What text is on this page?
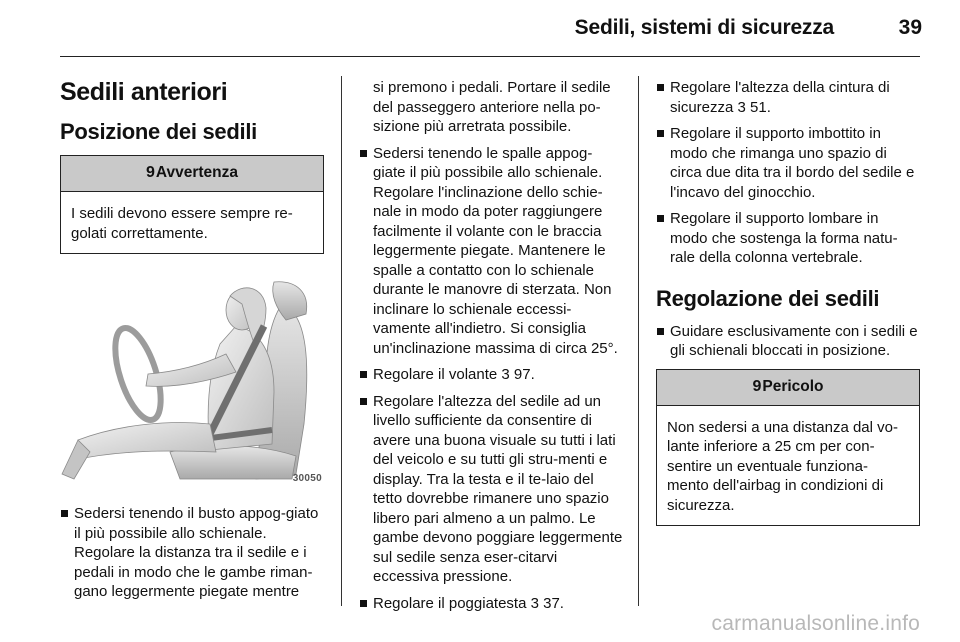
Sedili, sistemi di sicurezza	39
Sedili anteriori
Posizione dei sedili
9Avvertenza
I sedili devono essere sempre re-golati correttamente.
30050
Sedersi tenendo il busto appog-giato il più possibile allo schienale. Regolare la distanza tra il sedile e i pedali in modo che le gambe riman-gano leggermente piegate mentre
si premono i pedali. Portare il sedile del passeggero anteriore nella po-sizione più arretrata possibile.
Sedersi tenendo le spalle appog-giate il più possibile allo schienale. Regolare l'inclinazione dello schie-nale in modo da poter raggiungere facilmente il volante con le braccia leggermente piegate. Mantenere le spalle a contatto con lo schienale durante le manovre di sterzata. Non inclinare lo schienale eccessi-vamente all'indietro. Si consiglia un'inclinazione massima di circa 25°.
Regolare il volante 3 97.
Regolare l'altezza del sedile ad un livello sufficiente da consentire di avere una buona visuale su tutti i lati del veicolo e su tutti gli stru-menti e display. Tra la testa e il te-laio del tetto dovrebbe rimanere uno spazio libero pari almeno a un palmo. Le gambe devono poggiare leggermente sul sedile senza eser-citarvi eccessiva pressione.
Regolare il poggiatesta 3 37.
Regolare l'altezza della cintura di sicurezza 3 51.
Regolare il supporto imbottito in modo che rimanga uno spazio di circa due dita tra il bordo del sedile e l'incavo del ginocchio.
Regolare il supporto lombare in modo che sostenga la forma natu-rale della colonna vertebrale.
Regolazione dei sedili
Guidare esclusivamente con i sedili e gli schienali bloccati in posizione.
9Pericolo
Non sedersi a una distanza dal vo-lante inferiore a 25 cm per con-sentire un eventuale funziona-mento dell'airbag in condizioni di sicurezza.
carmanualsonline.info
